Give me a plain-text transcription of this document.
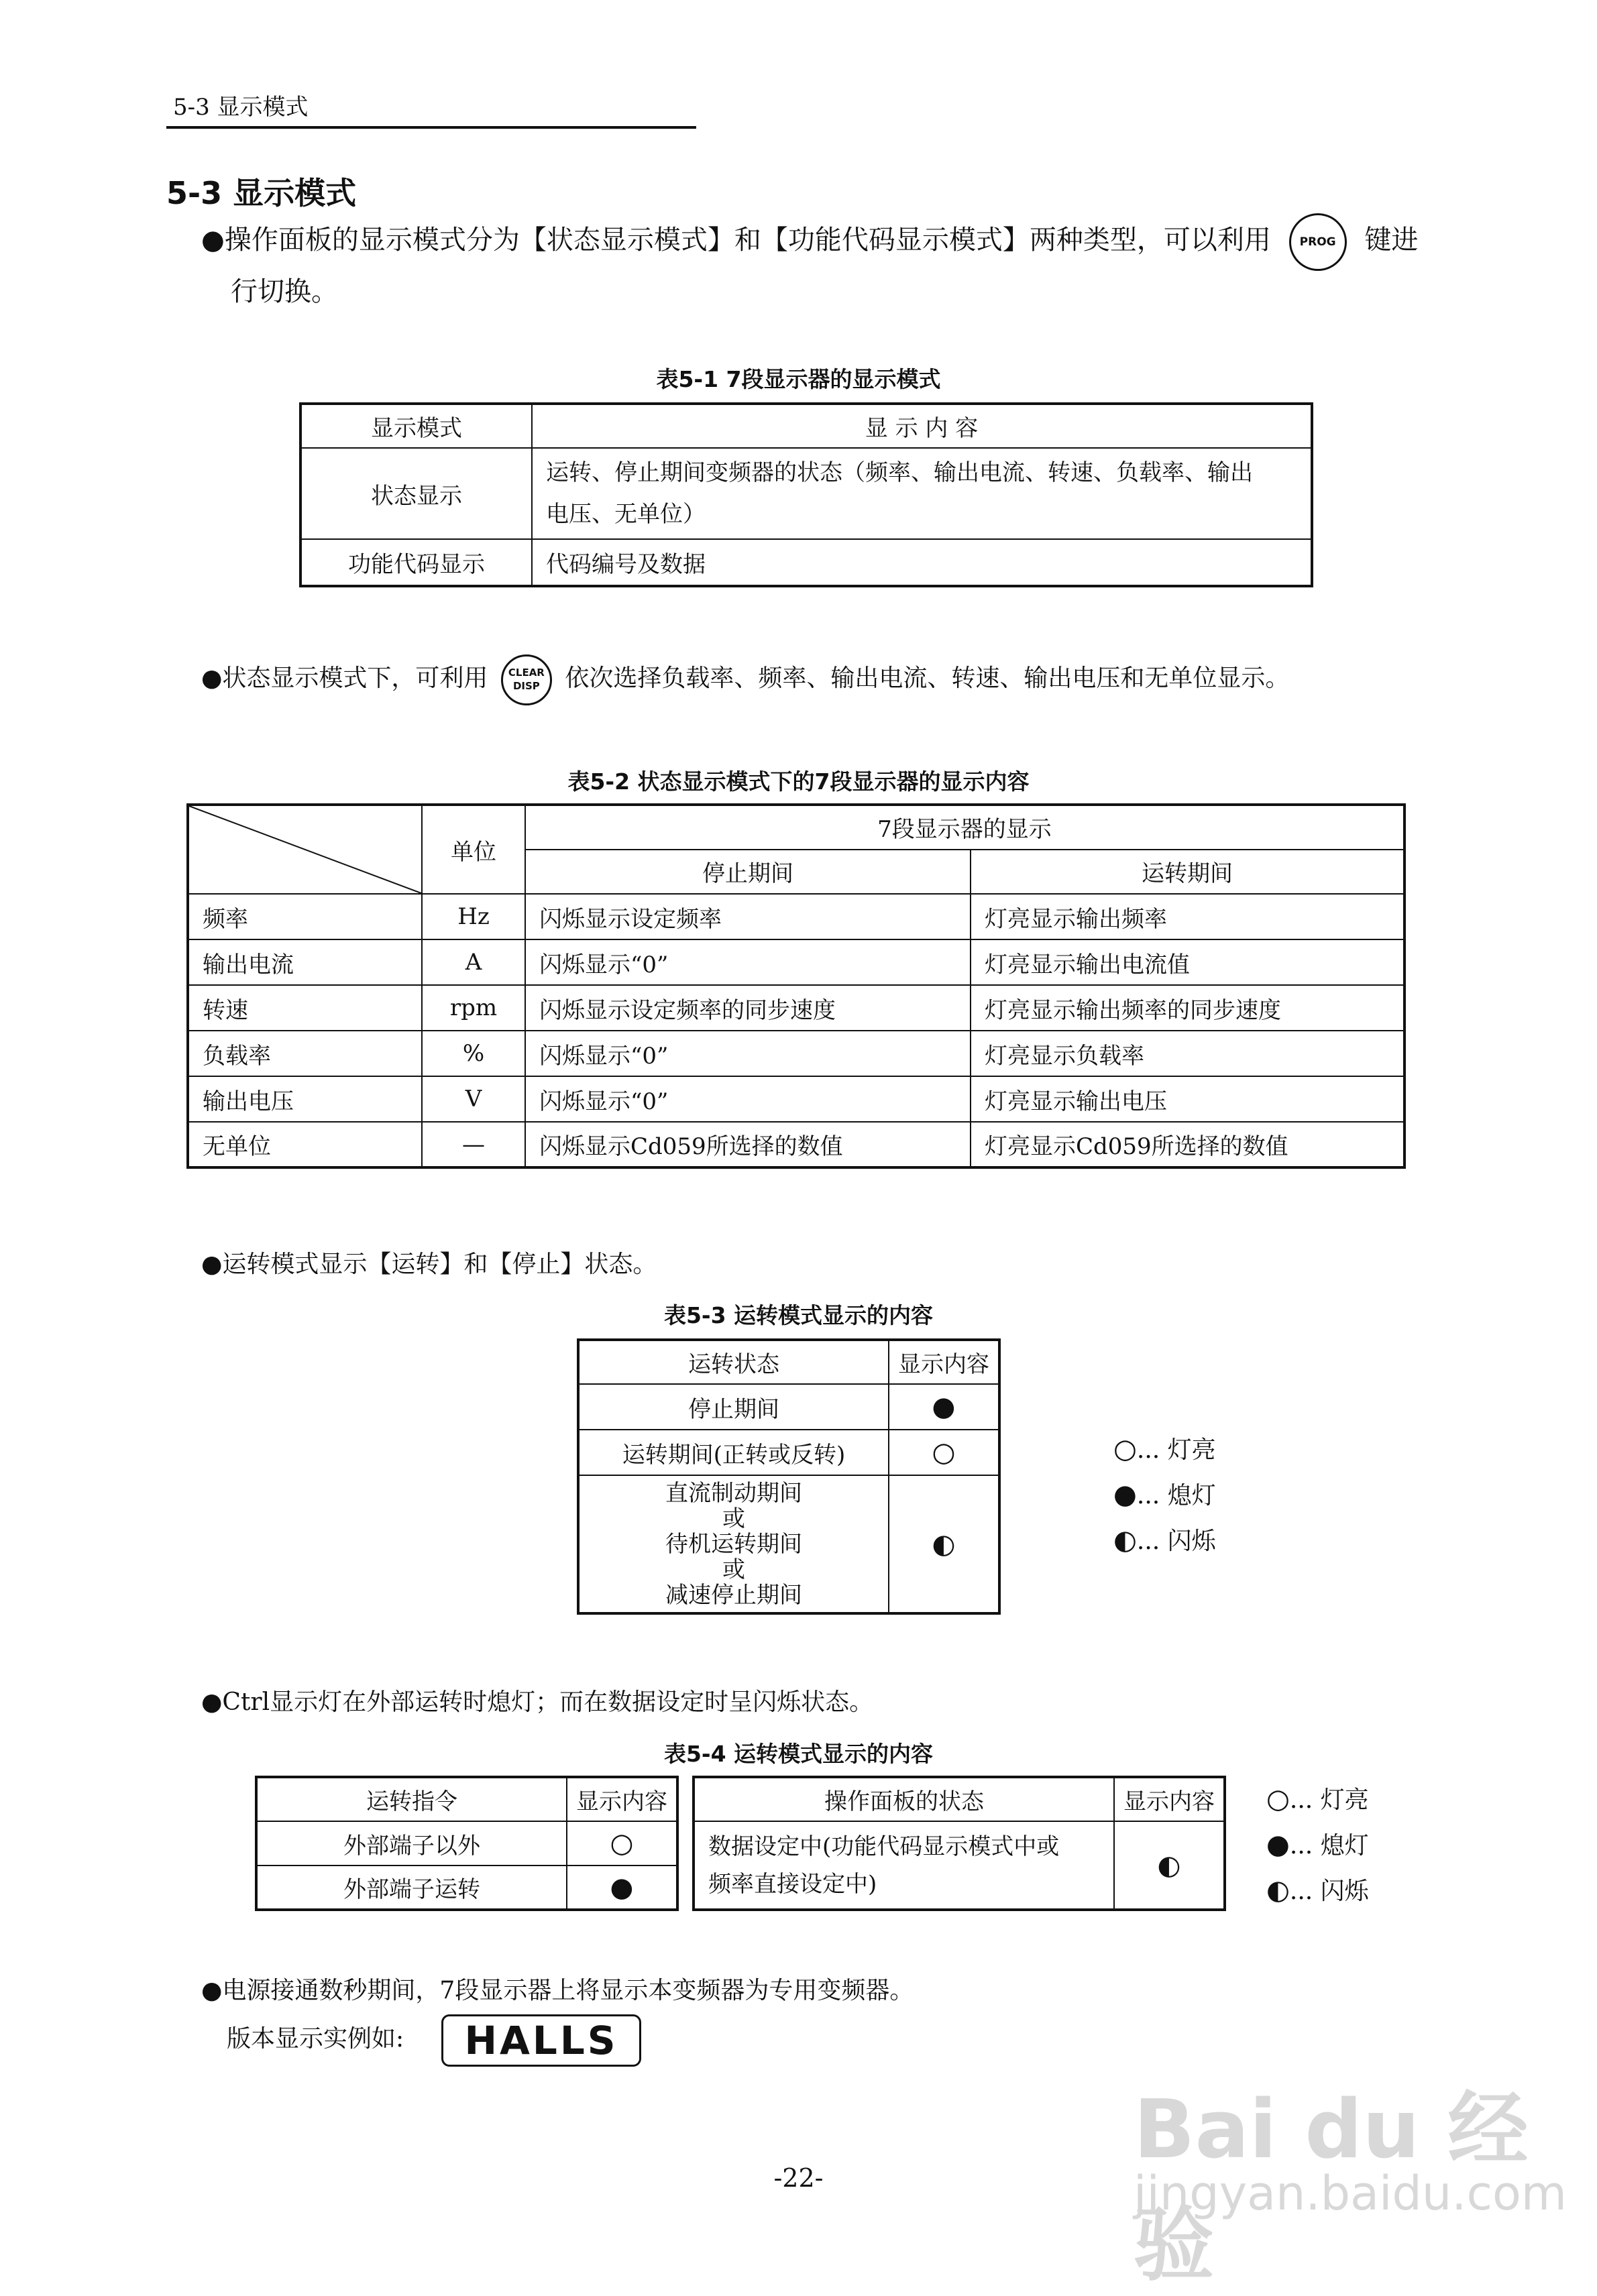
5-3 显示模式
5-3 显示模式
●操作面板的显示模式分为【状态显示模式】和【功能代码显示模式】两种类型，可以利用	PROG 键进
行切换。
表5-1 7段显示器的显示模式
显示模式	显 示 内 容
状态显示	运转、停止期间变频器的状态（频率、输出电流、转速、负载率、输出
电压、无单位）
功能代码显示	代码编号及数据
●状态显示模式下，可利用 CLEAR
DISP 依次选择负载率、频率、输出电流、转速、输出电压和无单位显示。
表5-2 状态显示模式下的7段显示器的显示内容
	单位	7段显示器的显示	
		停止期间	运转期间
频率	Hz	闪烁显示设定频率	灯亮显示输出频率
输出电流	A	闪烁显示“0”	灯亮显示输出电流值
转速	rpm	闪烁显示设定频率的同步速度	灯亮显示输出频率的同步速度
负载率	%	闪烁显示“0”	灯亮显示负载率
输出电压	V	闪烁显示“0”	灯亮显示输出电压
无单位	—	闪烁显示Cd059所选择的数值	灯亮显示Cd059所选择的数值
●运转模式显示【运转】和【停止】状态。
表5-3 运转模式显示的内容
运转状态	显示内容
停止期间	●
运转期间(正转或反转)	○
直流制动期间
或
待机运转期间
或
减速停止期间	◐
○... 灯亮
●... 熄灯
◐... 闪烁
●Ctrl显示灯在外部运转时熄灯；而在数据设定时呈闪烁状态。
表5-4 运转模式显示的内容
运转指令	显示内容
外部端子以外	○
外部端子运转	●
操作面板的状态	显示内容
数据设定中(功能代码显示模式中或
频率直接设定中)	◐
○... 灯亮
●... 熄灯
◐... 闪烁
●电源接通数秒期间，7段显示器上将显示本变频器为专用变频器。
版本显示实例如:	HALLS
Bai du 经验
jingyan.baidu.com
-22-
